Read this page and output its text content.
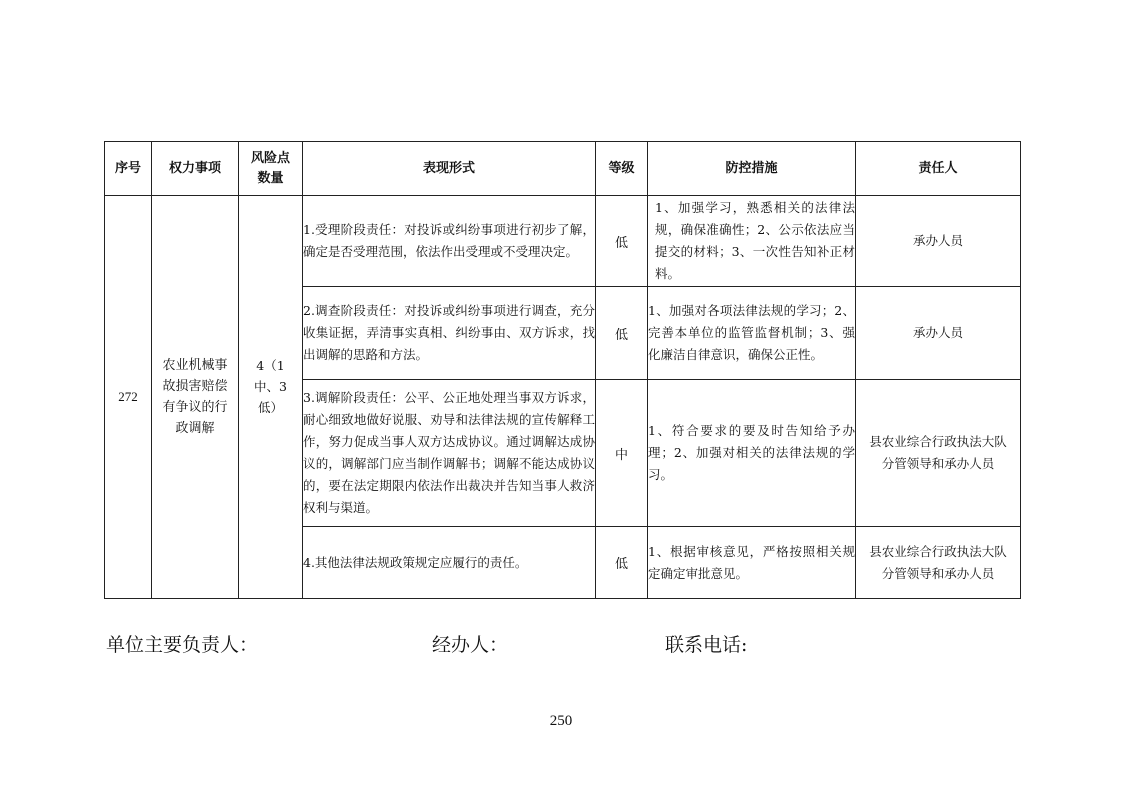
序号	权力事项	风险点数量	表现形式	等级	防控措施	责任人
272	农业机械事故损害赔偿有争议的行政调解	4（1 中、3 低）	1.受理阶段责任：对投诉或纠纷事项进行初步了解，确定是否受理范围，依法作出受理或不受理决定。	低	1、加强学习，熟悉相关的法律法规，确保准确性；2、公示依法应当提交的材料；3、一次性告知补正材料。	承办人员
			2.调查阶段责任：对投诉或纠纷事项进行调查，充分收集证据，弄清事实真相、纠纷事由、双方诉求，找出调解的思路和方法。	低	1、加强对各项法律法规的学习；2、完善本单位的监管监督机制；3、强化廉洁自律意识，确保公正性。	承办人员
			3.调解阶段责任：公平、公正地处理当事双方诉求，耐心细致地做好说服、劝导和法律法规的宣传解释工作，努力促成当事人双方达成协议。通过调解达成协议的，调解部门应当制作调解书；调解不能达成协议的，要在法定期限内依法作出裁决并告知当事人救济权利与渠道。	中	1、符合要求的要及时告知给予办理；2、加强对相关的法律法规的学习。	县农业综合行政执法大队分管领导和承办人员
			4.其他法律法规政策规定应履行的责任。	低	1、根据审核意见，严格按照相关规定确定审批意见。	县农业综合行政执法大队分管领导和承办人员
单位主要负责人：	经办人：	联系电话:
250
